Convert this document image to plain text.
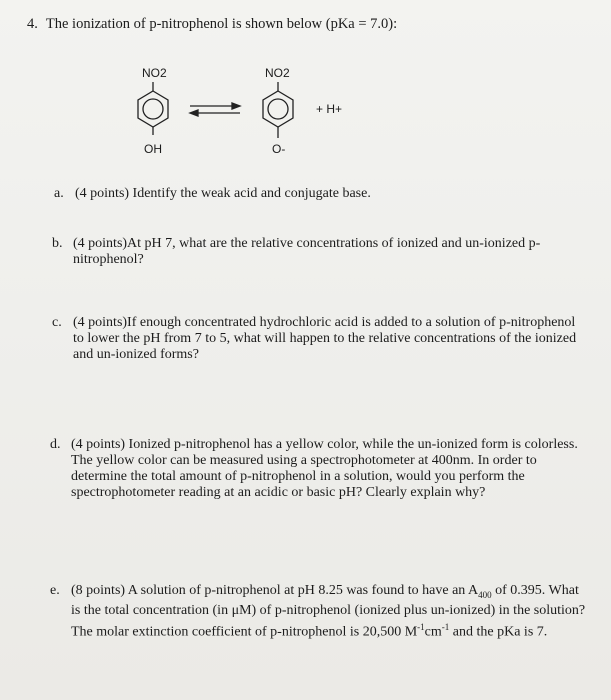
4. The ionization of p-nitrophenol is shown below (pKa = 7.0):
NO2	NO2
+ H+
OH	O-
a. (4 points) Identify the weak acid and conjugate base.
b. (4 points)At pH 7, what are the relative concentrations of ionized and un-ionized p-
nitrophenol?
c. (4 points)If enough concentrated hydrochloric acid is added to a solution of p-nitrophenol
to lower the pH from 7 to 5, what will happen to the relative concentrations of the ionized
and un-ionized forms?
d. (4 points) Ionized p-nitrophenol has a yellow color, while the un-ionized form is colorless.
The yellow color can be measured using a spectrophotometer at 400nm. In order to
determine the total amount of p-nitrophenol in a solution, would you perform the
spectrophotometer reading at an acidic or basic pH? Clearly explain why?
e. (8 points) A solution of p-nitrophenol at pH 8.25 was found to have an $A_{400}$ of 0.395. What
is the total concentration (in μM) of p-nitrophenol (ionized plus un-ionized) in the solution?
The molar extinction coefficient of p-nitrophenol is 20,500 $M^{-1}cm^{-1}$ and the pKa is 7.
